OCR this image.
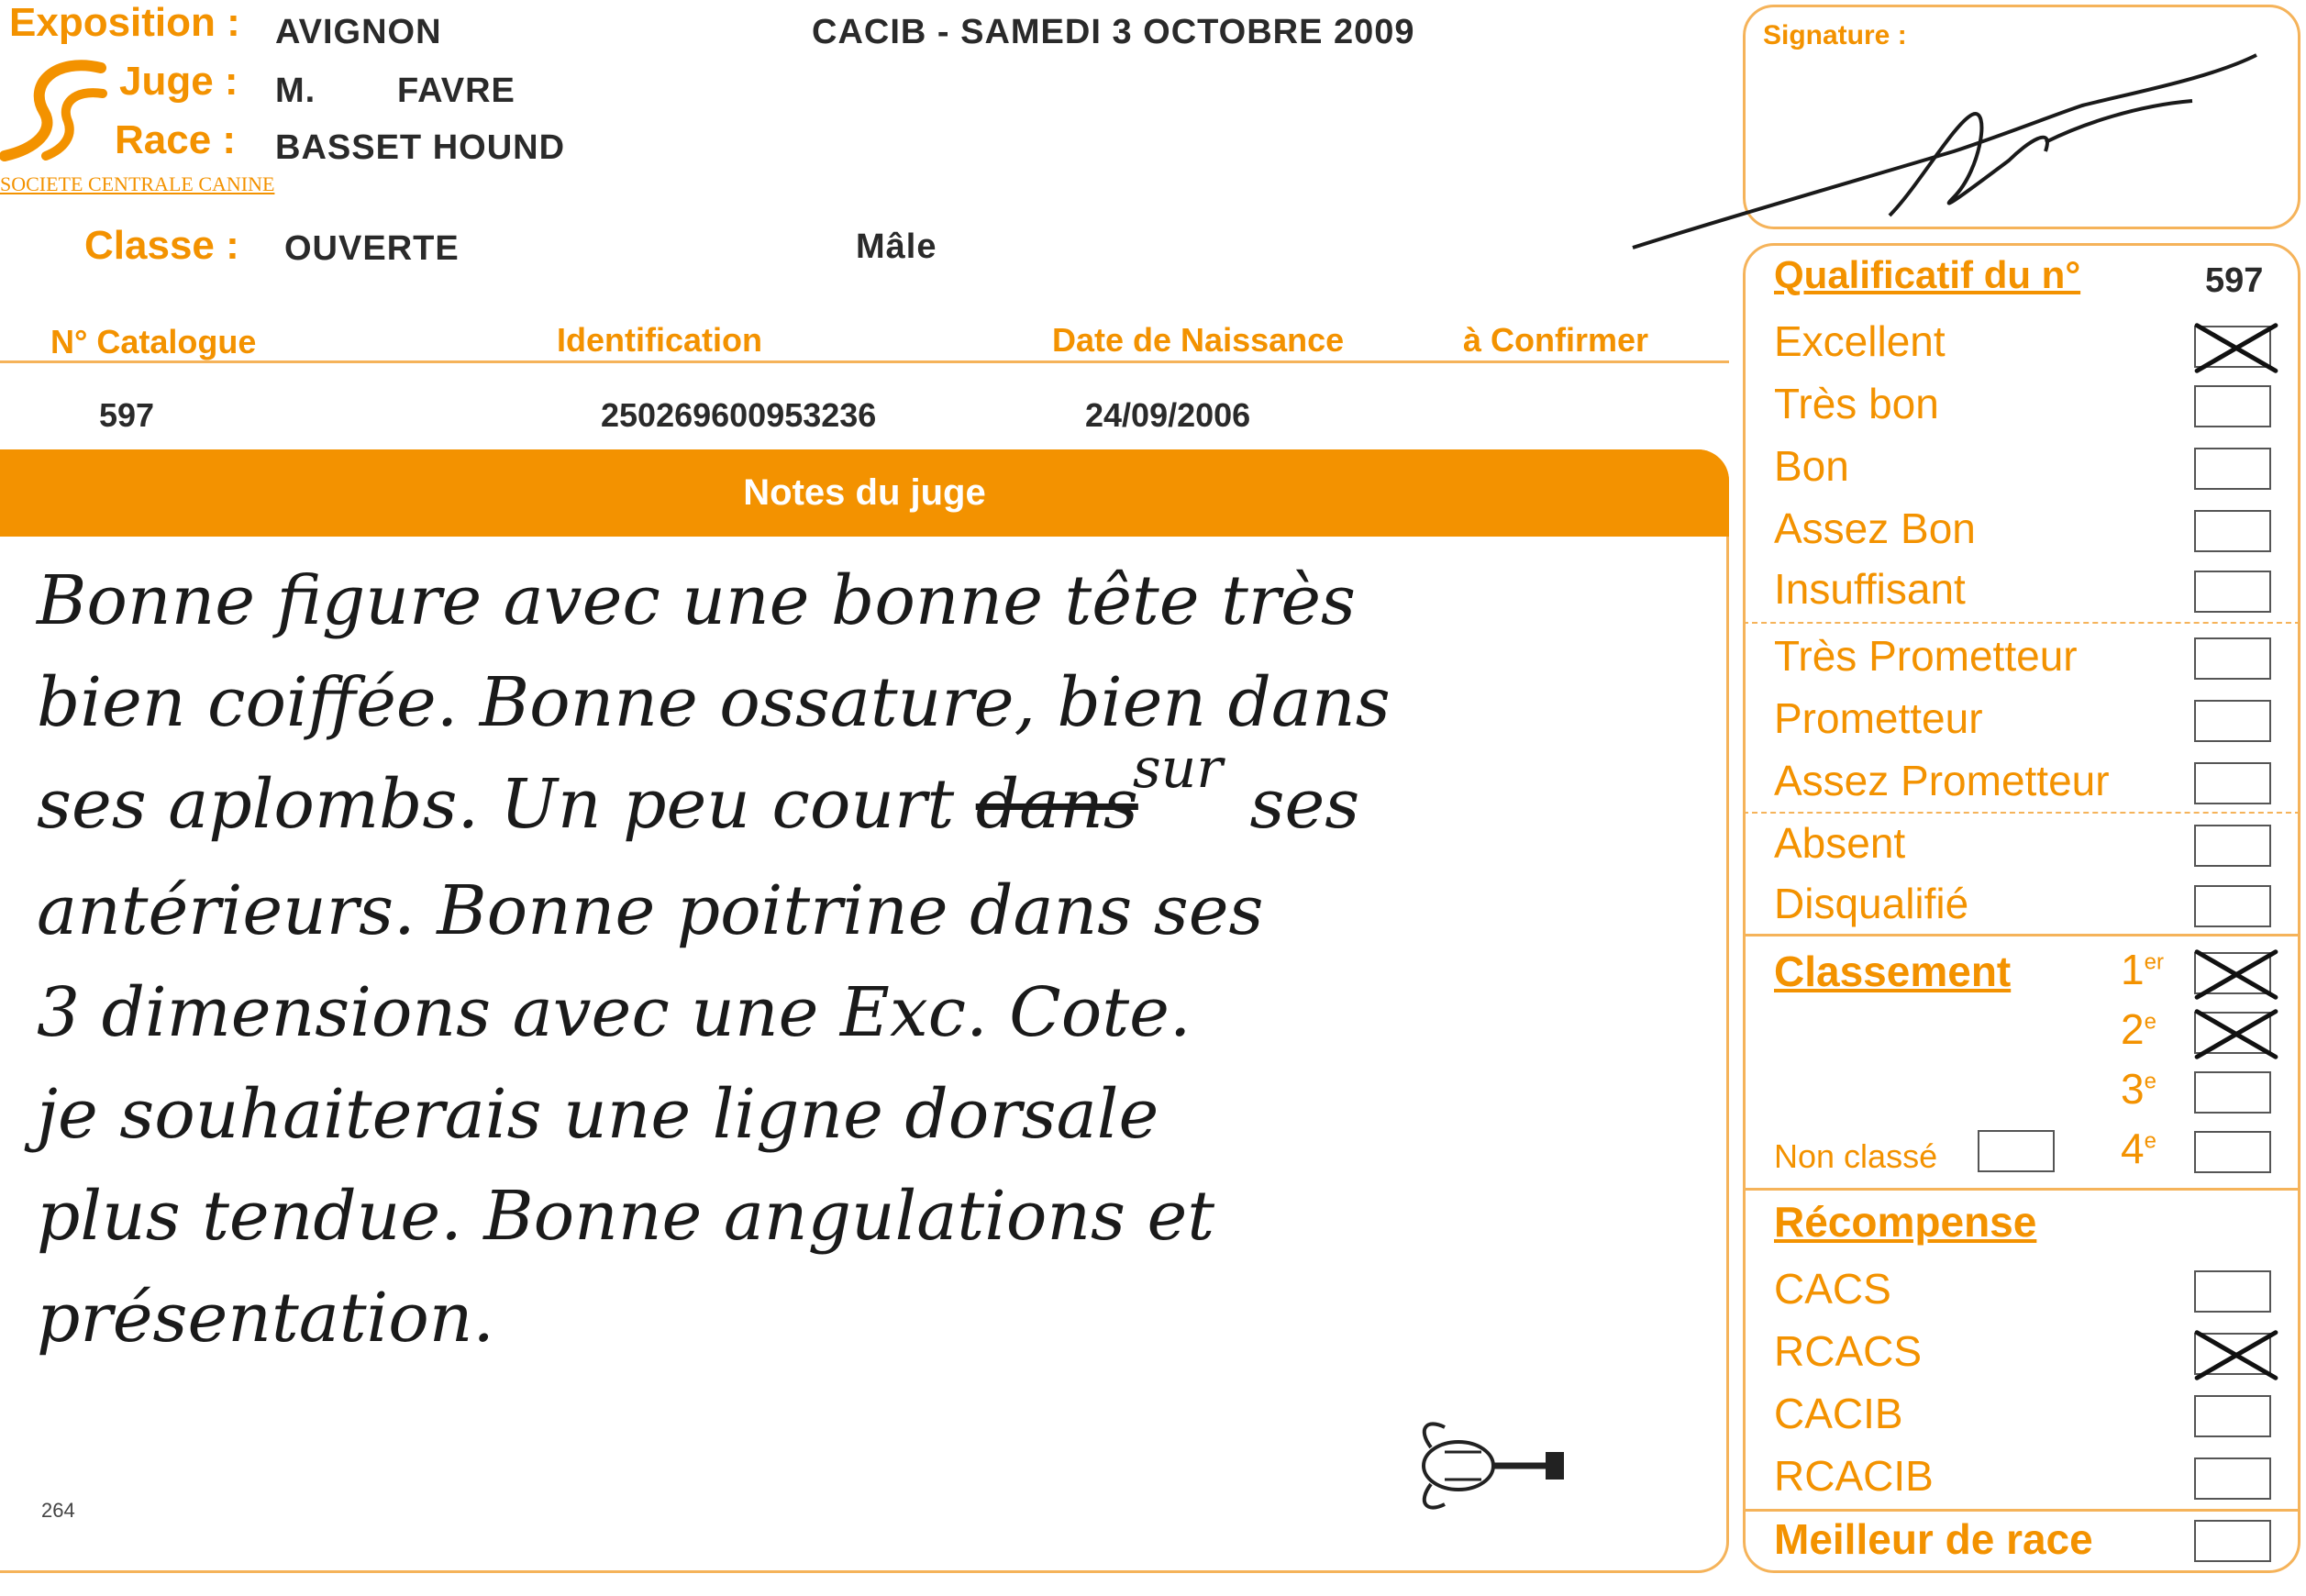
Exposition : AVIGNON
Juge : M. FAVRE
Race : BASSET HOUND
SOCIETE CENTRALE CANINE
CACIB - SAMEDI 3 OCTOBRE 2009
Classe : OUVERTE	Mâle
N° Catalogue	Identification	Date de Naissance	à Confirmer
597	250269600953236	24/09/2006
Notes du juge
Bonne figure avec une bonne tête très
bien coiffée. Bonne ossature, bien dans
ses aplombs. Un peu court dans$^{sur}$ ses
antérieurs. Bonne poitrine dans ses
3 dimensions avec une Exc. Cote.
je souhaiterais une ligne dorsale
plus tendue. Bonne angulations et
présentation.
264
Signature :
Qualificatif du n°	597
Excellent
Très bon
Bon
Assez Bon
Insuffisant
Très Prometteur
Prometteur
Assez Prometteur
Absent
Disqualifié
Classement	1er
2e
3e
Non classé	4e
Récompense
CACS
RCACS
CACIB
RCACIB
Meilleur de race
